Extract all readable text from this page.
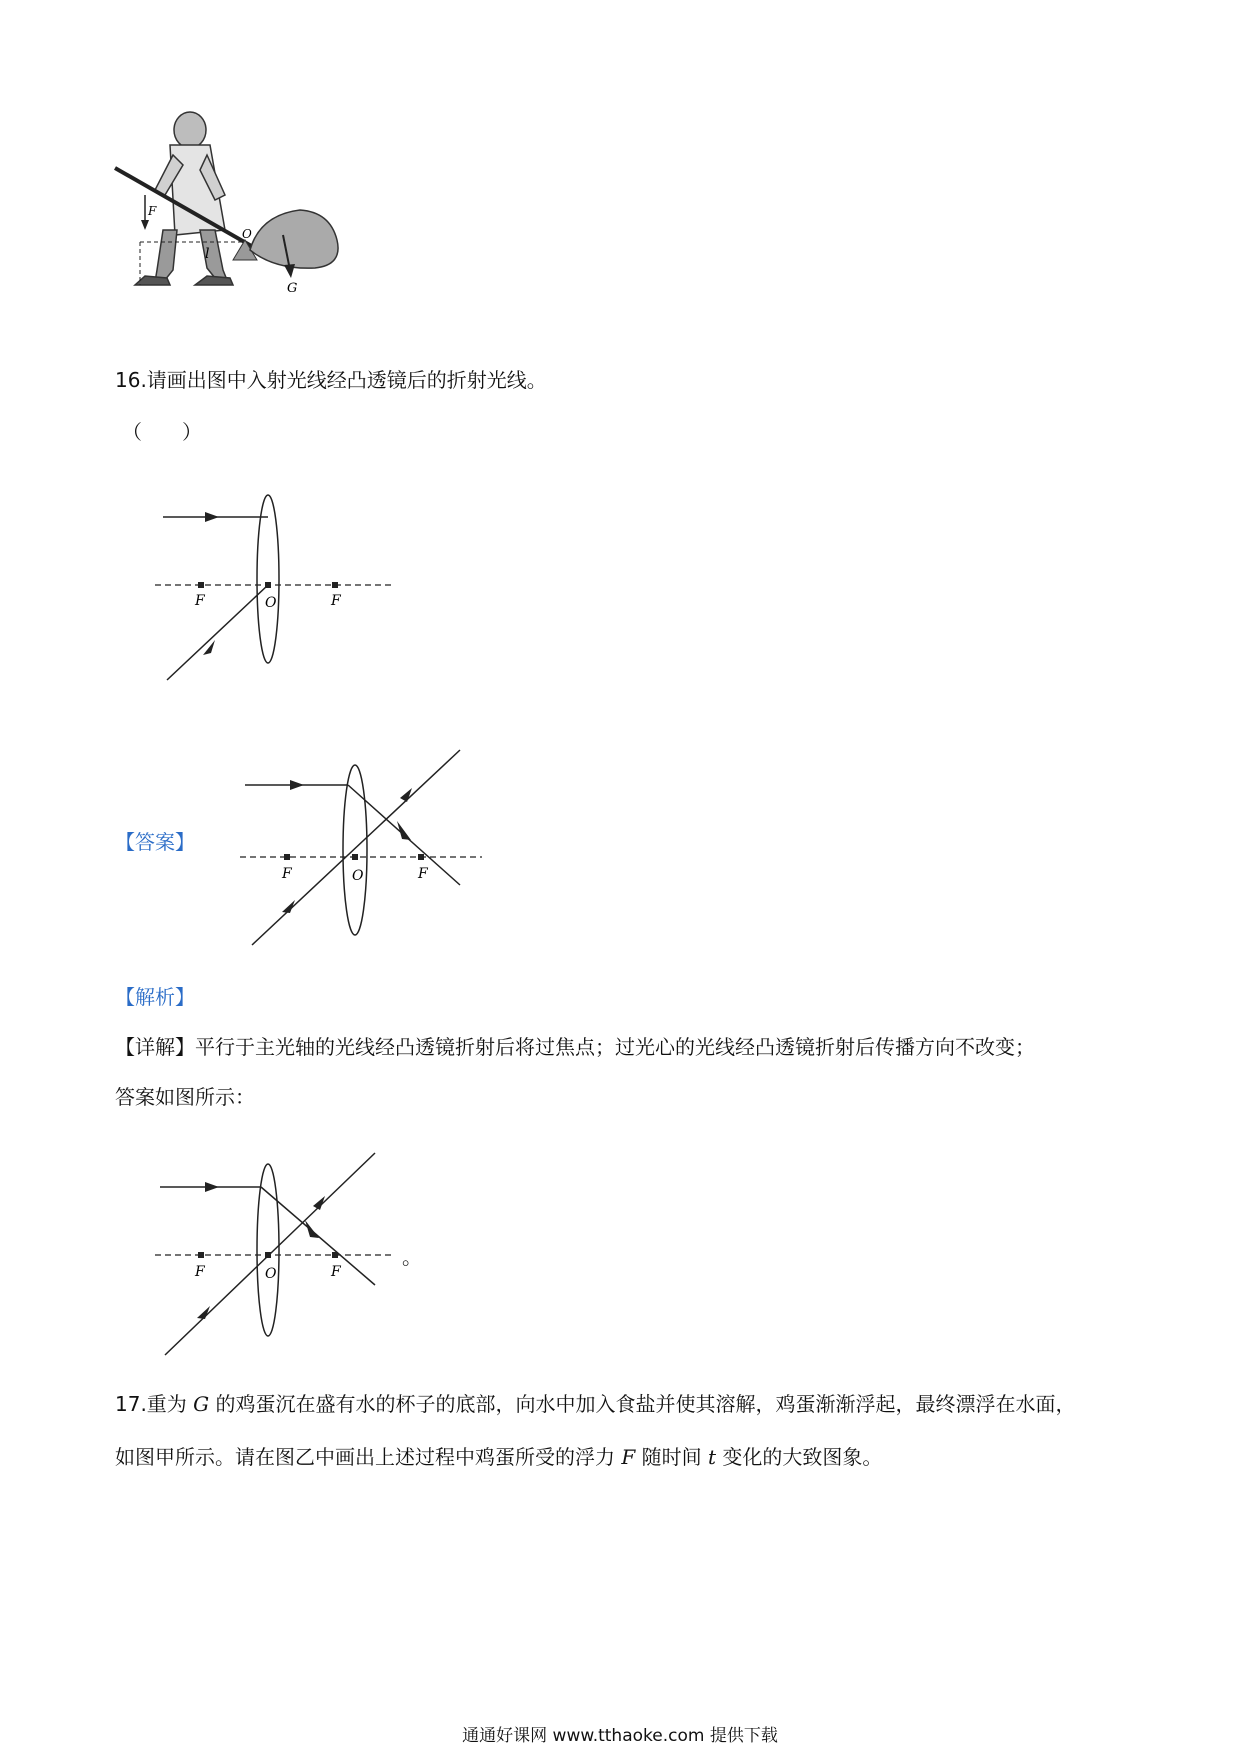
F
O
l
G
16.请画出图中入射光线经凸透镜后的折射光线。
（　　）
F	O	F
【答案】
F	O	F
【解析】
【详解】平行于主光轴的光线经凸透镜折射后将过焦点；过光心的光线经凸透镜折射后传播方向不改变；
答案如图所示：
F	O	F
。
17.重为 G 的鸡蛋沉在盛有水的杯子的底部，向水中加入食盐并使其溶解，鸡蛋渐渐浮起，最终漂浮在水面，
如图甲所示。请在图乙中画出上述过程中鸡蛋所受的浮力 F 随时间 t 变化的大致图象。
通通好课网 www.tthaoke.com 提供下载
